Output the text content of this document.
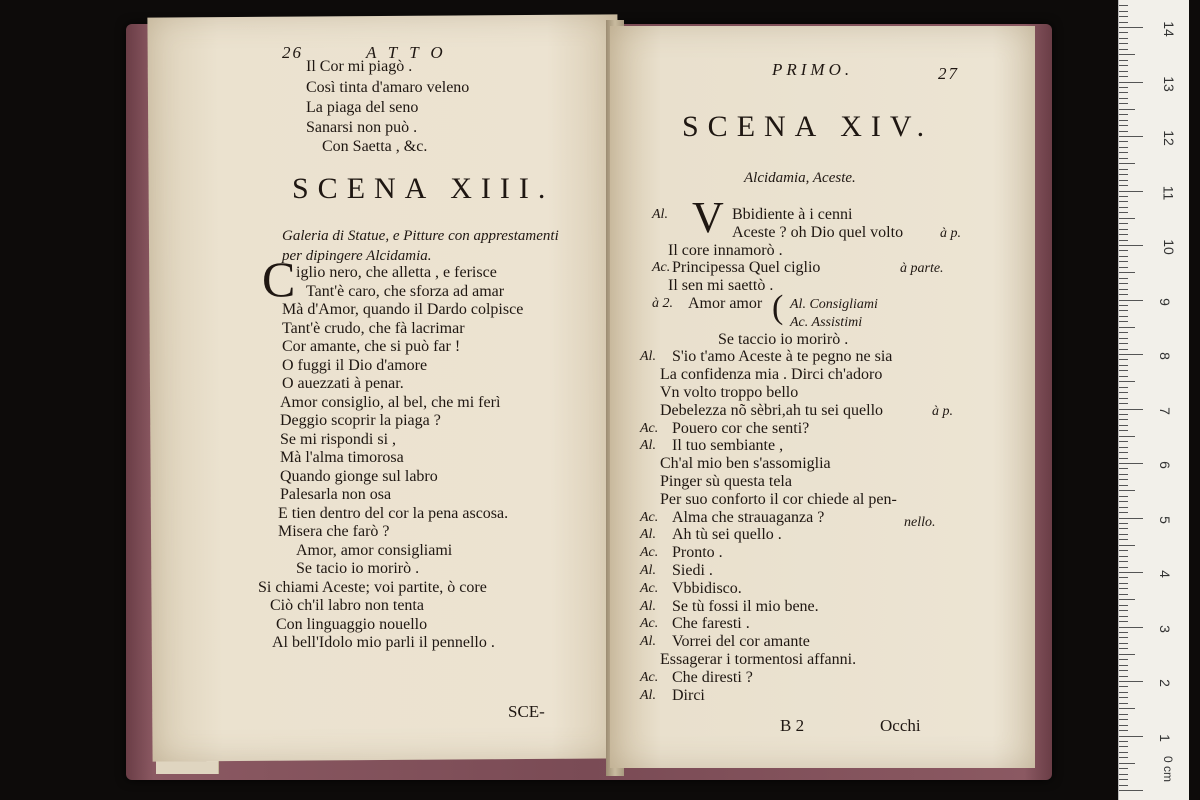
26	ATTO
Il Cor mi piagò .
Così tinta d'amaro veleno
La piaga del seno
Sanarsi non può .
Con Saetta , &c.
SCENA XIII.
Galeria di Statue, e Pitture con apprestamenti per dipingere Alcidamia.
C iglio nero, che alletta , e ferisce
Tant'è caro, che sforza ad amar
Mà d'Amor, quando il Dardo colpisce
Tant'è crudo, che fà lacrimar
Cor amante, che si può far !
O fuggi il Dio d'amore
O auezzati à penar.
Amor consiglio, al bel, che mi ferì
Deggio scoprir la piaga ?
Se mi rispondi si ,
Mà l'alma timorosa
Quando gionge sul labro
Palesarla non osa
E tien dentro del cor la pena ascosa.
Misera che farò ?
Amor, amor consigliami
Se tacio io morirò .
Si chiami Aceste; voi partite, ò core
Ciò ch'il labro non tenta
Con linguaggio nouello
Al bell'Idolo mio parli il pennello .
SCE-
PRIMO.	27
SCENA XIV.
Alcidamia, Aceste.
V
Al.	Bbidiente à i cenni
Aceste ? oh Dio quel volto	à p.
Il core innamorò .
Ac. Principessa Quel ciglio	à parte.
Il sen mi saettò .
à 2. Amor amor Al. Consigliami
Ac. Assistimi
Se taccio io morirò .
Al. S'io t'amo Aceste à te pegno ne sia
La confidenza mia . Dirci ch'adoro
Vn volto troppo bello
Debelezza nõ sèbri,ah tu sei quello	à p.
Ac. Pouero cor che senti?
Al. Il tuo sembiante ,
Ch'al mio ben s'assomiglia
Pinger sù questa tela
Per suo conforto il cor chiede al pen-
Ac. Alma che strauaganza ?	nello.
Al. Ah tù sei quello .
Ac. Pronto .
Al. Siedi .
Ac. Vbbidisco.
Al. Se tù fossi il mio bene.
Ac. Che faresti .
Al. Vorrei del cor amante
Essagerar i tormentosi affanni.
Ac. Che diresti ?
Al. Dirci
(
B 2	Occhi
14
13
12
11
10
9
8
7
6
5
4
3
2
1
0 cm
